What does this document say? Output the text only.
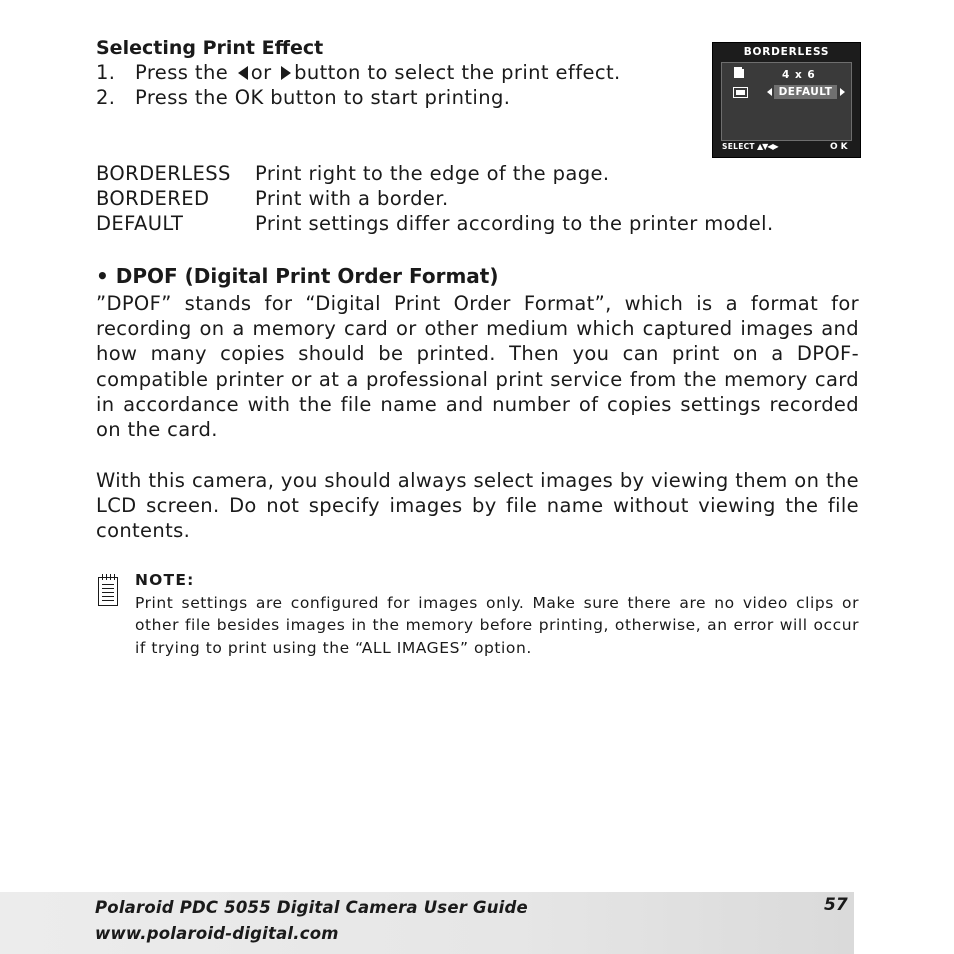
Selecting Print Effect
1. Press the or button to select the print effect.
2. Press the OK button to start printing.
BORDERLESS
4 x 6
DEFAULT
SELECT ▲▼◀▶	OK
BORDERLESS Print right to the edge of the page.
BORDERED Print with a border.
DEFAULT	Print settings differ according to the printer model.
• DPOF (Digital Print Order Format)
”DPOF” stands for “Digital Print Order Format”, which is a format for recording on a memory card or other medium which captured images and how many copies should be printed. Then you can print on a DPOF-compatible printer or at a professional print service from the memory card in accordance with the file name and number of copies settings recorded on the card.
With this camera, you should always select images by viewing them on the LCD screen. Do not specify images by file name without viewing the file contents.
NOTE:
Print settings are configured for images only. Make sure there are no video clips or other file besides images in the memory before printing, otherwise, an error will occur if trying to print using the “ALL IMAGES” option.
Polaroid PDC 5055 Digital Camera User Guide
www.polaroid-digital.com
57
